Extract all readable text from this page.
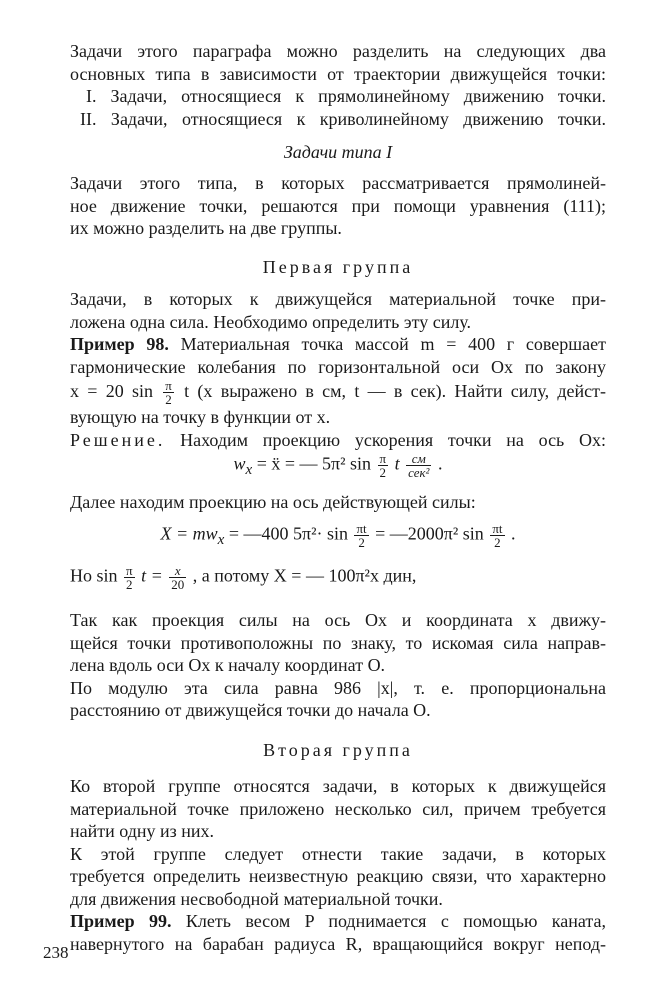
Задачи этого параграфа можно разделить на следующих два

основных типа в зависимости от траектории движущейся точки:

I. Задачи, относящиеся к прямолинейному движению точки.

II. Задачи, относящиеся к криволинейному движению точки.

Задачи типа I

Задачи этого типа, в которых рассматривается прямолиней-

ное движение точки, решаются при помощи уравнения (111);

их можно разделить на две группы.

Первая группа

Задачи, в которых к движущейся материальной точке при-

ложена одна сила. Необходимо определить эту силу.

Пример 98. Материальная точка массой m = 400 г совершает

гармонические колебания по горизонтальной оси Ox по закону

x = 20 $\sin \frac{\pi}{2}$ t (x выражено в см, t — в сек). Найти силу, дейст-

вующую на точку в функции от x.

Решение. Находим проекцию ускорения точки на ось Ox:

$w_x$ = ẍ = — 5π² $\sin \frac{\pi}{2}$ t $\frac{см}{\text{сек²}}$ .

Далее находим проекцию на ось действующей силы:

$X = mw_x$ = —400 $5\pi^2\cdot \sin \frac{\pi t}{2}$ = —2000π² $\sin \frac{\pi t}{2}$ .

Но $\sin \frac{\pi}{2}$ $t = \frac{x}{20}$ , а потому X = — 100π²x дин,

Так как проекция силы на ось Ox и координата x движу-

щейся точки противоположны по знаку, то искомая сила направ-

лена вдоль оси Ox к началу координат O.

По модулю эта сила равна 986 |x|, т. е. пропорциональна

расстоянию от движущейся точки до начала O.

Вторая группа

Ко второй группе относятся задачи, в которых к движущейся

материальной точке приложено несколько сил, причем требуется

найти одну из них.

К этой группе следует отнести такие задачи, в которых

требуется определить неизвестную реакцию связи, что характерно

для движения несвободной материальной точки.

Пример 99. Клеть весом P поднимается с помощью каната,

навернутого на барабан радиуса R, вращающийся вокруг непод-

238
